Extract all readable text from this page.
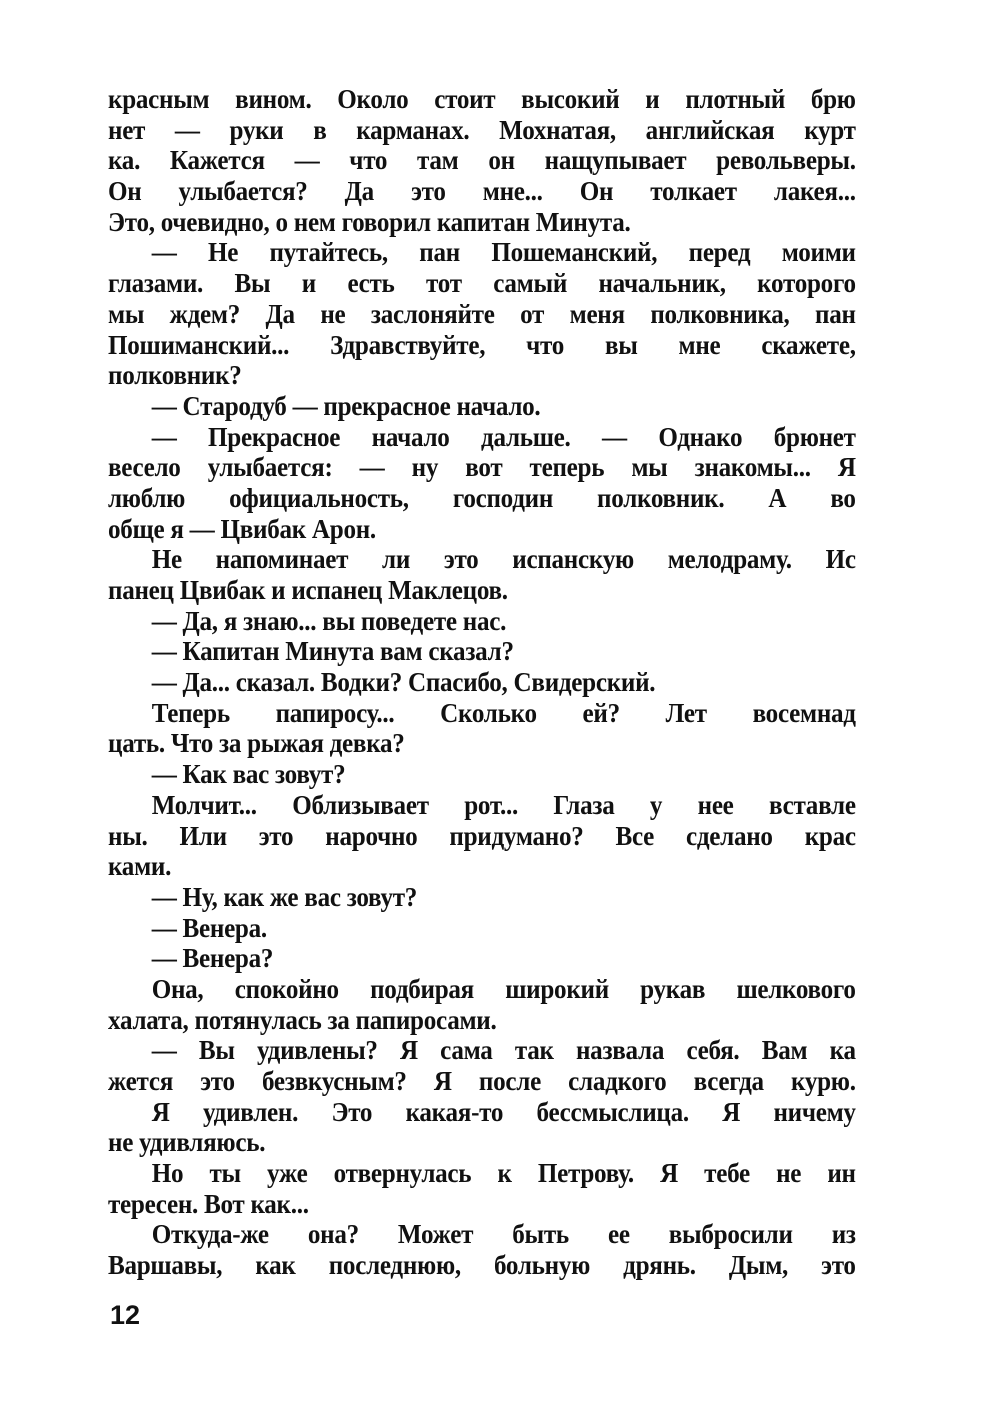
красным вином. Около стоит высокий и плотный брю
нет — руки в карманах. Мохнатая, английская курт
ка. Кажется — что там он нащупывает револьверы.
Он улыбается? Да это мне... Он толкает лакея...
Это, очевидно, о нем говорил капитан Минута.
— Не путайтесь, пан Пошеманский, перед моими
глазами. Вы и есть тот самый начальник, которого
мы ждем? Да не заслоняйте от меня полковника, пан
Пошиманский... Здравствуйте, что вы мне скажете,
полковник?
— Стародуб — прекрасное начало.
— Прекрасное начало дальше. — Однако брюнет
весело улыбается: — ну вот теперь мы знакомы... Я
люблю официальность, господин полковник. А во
обще я — Цвибак Арон.
Не напоминает ли это испанскую мелодраму. Ис
панец Цвибак и испанец Маклецов.
— Да, я знаю... вы поведете нас.
— Капитан Минута вам сказал?
— Да... сказал. Водки? Спасибо, Свидерский.
Теперь папиросу... Сколько ей? Лет восемнад
цать. Что за рыжая девка?
— Как вас зовут?
Молчит... Облизывает рот... Глаза у нее вставле
ны. Или это нарочно придумано? Все сделано крас
ками.
— Ну, как же вас зовут?
— Венера.
— Венера?
Она, спокойно подбирая широкий рукав шелкового
халата, потянулась за папиросами.
— Вы удивлены? Я сама так назвала себя. Вам ка
жется это безвкусным? Я после сладкого всегда курю.
Я удивлен. Это какая-то бессмыслица. Я ничему
не удивляюсь.
Но ты уже отвернулась к Петрову. Я тебе не ин
тересен. Вот как...
Откуда-же она? Может быть ее выбросили из
Варшавы, как последнюю, больную дрянь. Дым, это
12
